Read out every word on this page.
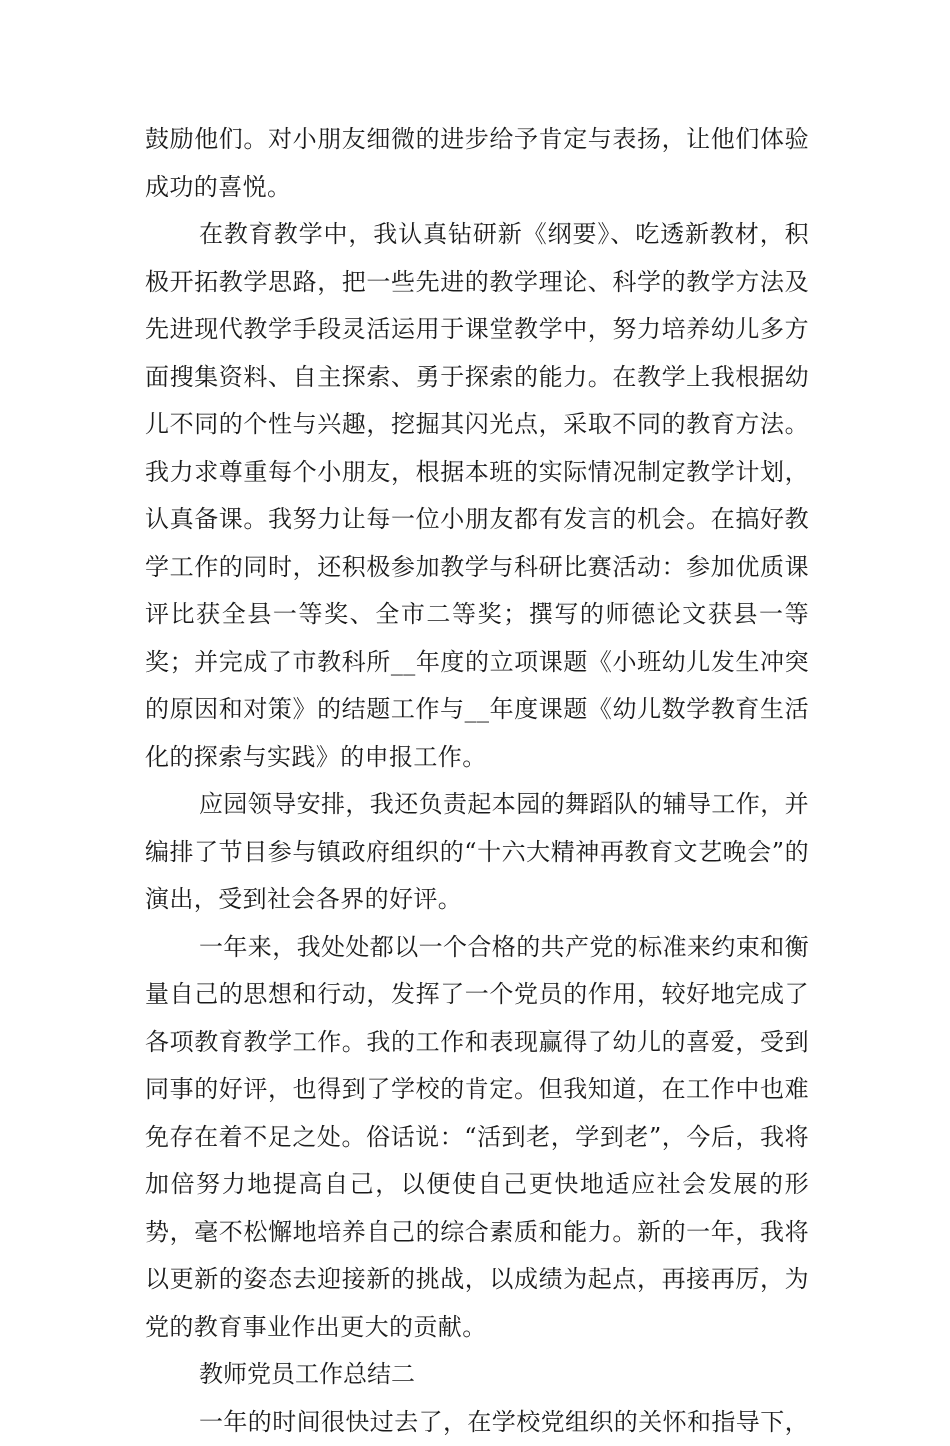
鼓励他们。对小朋友细微的进步给予肯定与表扬，让他们体验成功的喜悦。

在教育教学中，我认真钻研新《纲要》、吃透新教材，积极开拓教学思路，把一些先进的教学理论、科学的教学方法及先进现代教学手段灵活运用于课堂教学中，努力培养幼儿多方面搜集资料、自主探索、勇于探索的能力。在教学上我根据幼儿不同的个性与兴趣，挖掘其闪光点，采取不同的教育方法。我力求尊重每个小朋友，根据本班的实际情况制定教学计划，认真备课。我努力让每一位小朋友都有发言的机会。在搞好教学工作的同时，还积极参加教学与科研比赛活动：参加优质课评比获全县一等奖、全市二等奖；撰写的师德论文获县一等奖；并完成了市教科所__年度的立项课题《小班幼儿发生冲突的原因和对策》的结题工作与__年度课题《幼儿数学教育生活化的探索与实践》的申报工作。

应园领导安排，我还负责起本园的舞蹈队的辅导工作，并编排了节目参与镇政府组织的“十六大精神再教育文艺晚会”的演出，受到社会各界的好评。

一年来，我处处都以一个合格的共产党的标准来约束和衡量自己的思想和行动，发挥了一个党员的作用，较好地完成了各项教育教学工作。我的工作和表现赢得了幼儿的喜爱，受到同事的好评，也得到了学校的肯定。但我知道，在工作中也难免存在着不足之处。俗话说：“活到老，学到老”，今后，我将加倍努力地提高自己，以便使自己更快地适应社会发展的形势，毫不松懈地培养自己的综合素质和能力。新的一年，我将以更新的姿态去迎接新的挑战，以成绩为起点，再接再厉，为党的教育事业作出更大的贡献。

教师党员工作总结二

一年的时间很快过去了，在学校党组织的关怀和指导下，
